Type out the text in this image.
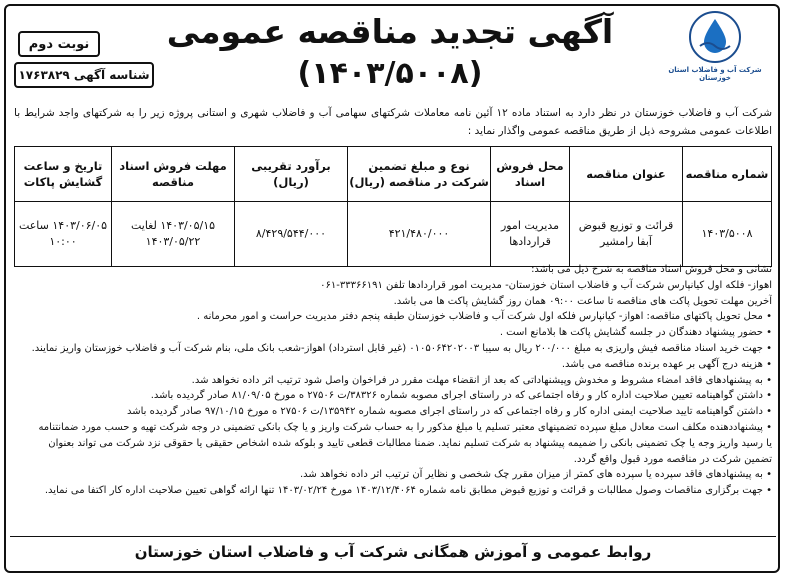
شرکت آب و فاضلاب استان خوزستان
آگهی تجدید مناقصه عمومی
(۱۴۰۳/۵۰۰۸)
نوبت دوم
شناسه آگهی ۱۷۶۳۸۲۹
شرکت آب و فاضلاب خوزستان در نظر دارد به استناد ماده ۱۲ آئین نامه معاملات شرکتهای سهامی آب و فاضلاب شهری و استانی پروژه زیر را به شرکتهای واجد شرایط با اطلاعات عمومی مشروحه ذیل از طریق مناقصه عمومی واگذار نماید :
شماره مناقصه	عنوان مناقصه	محل فروش اسناد	نوع و مبلغ تضمین شرکت در مناقصه (ریال)	برآورد تقریبی (ریال)	مهلت فروش اسناد مناقصه	تاریخ و ساعت گشایش پاکات
۱۴۰۳/۵۰۰۸	قرائت و توزیع قبوض آبفا رامشیر	مدیریت امور قراردادها	۴۲۱/۴۸۰/۰۰۰	۸/۴۲۹/۵۴۴/۰۰۰	۱۴۰۳/۰۵/۱۵ لغایت ۱۴۰۳/۰۵/۲۲	۱۴۰۳/۰۶/۰۵ ساعت ۱۰:۰۰

نشانی و محل فروش اسناد مناقصه به شرح ذیل می باشد:

اهواز- فلکه اول کیانپارس شرکت آب و فاضلاب استان خوزستان- مدیریت امور قراردادها تلفن ۳۳۳۶۶۱۹۱-۰۶۱

آخرین مهلت تحویل پاکت های مناقصه تا ساعت ۰۹:۰۰ همان روز گشایش پاکت ها می باشد.

• محل تحویل پاکتهای مناقصه: اهواز- کیانپارس فلکه اول شرکت آب و فاضلاب خوزستان طبقه پنجم دفتر مدیریت حراست و امور محرمانه .

• حضور پیشنهاد دهندگان در جلسه گشایش پاکت ها بلامانع است .

• جهت خرید اسناد مناقصه فیش واریزی به مبلغ ۲۰۰/۰۰۰ ریال به سیبا ۰۱۰۵۰۶۴۲۰۲۰۰۳ (غیر قابل استرداد) اهواز-شعب بانک ملی، بنام شرکت آب و فاضلاب خوزستان واریز نمایند.

• هزینه درج آگهی بر عهده برنده مناقصه می باشد.

• به پیشنهادهای فاقد امضاء مشروط و مخدوش وپیشنهاداتی که بعد از انقضاء مهلت مقرر در فراخوان واصل شود ترتیب اثر داده نخواهد شد.

• داشتن گواهینامه تعیین صلاحیت اداره کار و رفاه اجتماعی که در راستای اجرای مصوبه شماره ۳۸۳۲۶/ت ۲۷۵۰۶ ه مورخ ۸۱/۰۹/۰۵ صادر گردیده باشد.

• داشتن گواهینامه تایید صلاحیت ایمنی اداره کار و رفاه اجتماعی که در راستای اجرای مصوبه شماره ۱۳۵۹۴۲/ت ۲۷۵۰۶ ه مورخ ۹۷/۱۰/۱۵ صادر گردیده باشد

• پیشنهاددهنده مکلف است معادل مبلغ سپرده تضمینهای معتبر تسلیم یا مبلغ مذکور را به حساب شرکت واریز و یا چک بانکی تضمینی در وجه شرکت تهیه و حسب مورد ضمانتنامه

یا رسید واریز وجه یا چک تضمینی بانکی را ضمیمه پیشنهاد به شرکت تسلیم نماید. ضمنا مطالبات قطعی تایید و بلوکه شده اشخاص حقیقی یا حقوقی نزد شرکت می تواند بعنوان

تضمین شرکت در مناقصه مورد قبول واقع گردد.

• به پیشنهادهای فاقد سپرده یا سپرده های کمتر از میزان مقرر چک شخصی و نظایر آن ترتیب اثر داده نخواهد شد.

• جهت برگزاری مناقصات وصول مطالبات و قرائت و توزیع قبوض مطابق نامه شماره ۱۴۰۳/۱۲/۴۰۶۴ مورخ ۱۴۰۳/۰۲/۲۴ تنها ارائه گواهی تعیین صلاحیت اداره کار اکتفا می نماید.

روابط عمومی و آموزش همگانی شرکت آب و فاضلاب استان خوزستان
